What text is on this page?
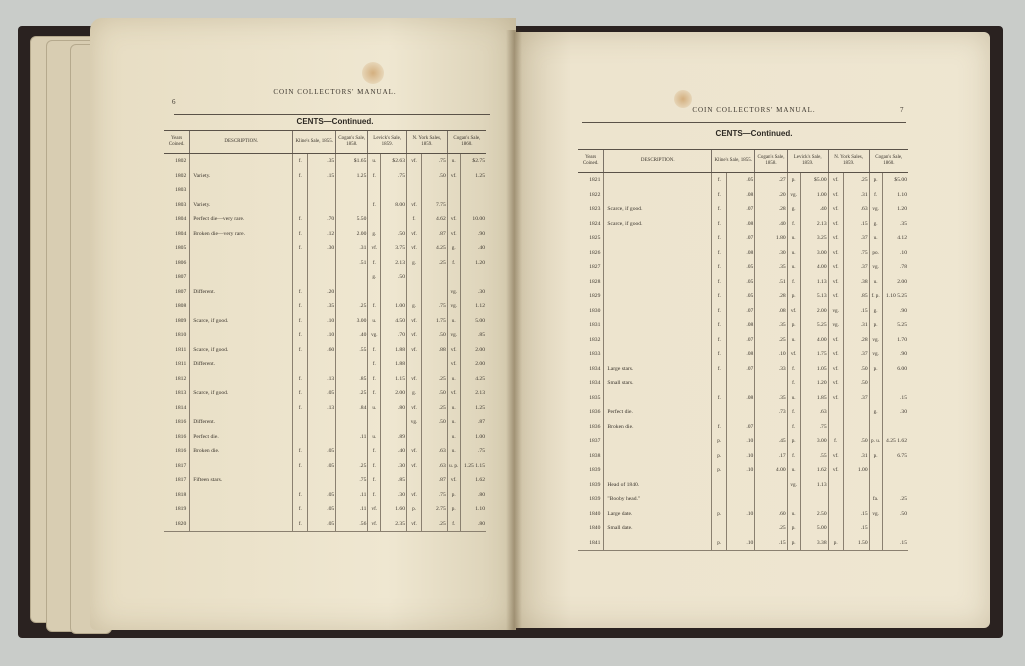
6
COIN COLLECTORS' MANUAL.
CENTS—Continued.
Years Coined.	DESCRIPTION.	Kline's Sale, 1855.		Cogan's Sale, 1858.	Levick's Sale, 1859.		N. York Sales, 1859.		Cogan's Sale, 1860.	
1802		f.	.35	$1.65	u.	$2.63	vf.	.75	u.	$2.75
1802	Variety.	f.	.15	1.25	f.	.75		.50	vf.	1.25
1803										
1803	Variety.				f.	8.00	vf.	7.75		
1804	Perfect die—very rare.	f.	.70	5.50			f.	4.62	vf.	10.00
1804	Broken die—very rare.	f.	.12	2.00	g.	.50	vf.	.87	vf.	.90
1805		f.	.30	.31	vf.	3.75	vf.	4.25	g.	.40
1806				.51	f.	2.13	g.	.25	f.	1.20
1807					g.	.50				
1807	Different.	f.	.20						vg.	.30
1808		f.	.35	.25	f.	1.00	g.	.75	vg.	1.12
1809	Scarce, if good.	f.	.10	3.00	u.	4.50	vf.	1.75	u.	5.00
1810		f.	.10	.40	vg.	.70	vf.	.50	vg.	.85
1811	Scarce, if good.	f.	.60	.55	f.	1.88	vf.	.88	vf.	2.00
1811	Different.				f.	1.88			vf.	2.00
1812		f.	.13	.85	f.	1.15	vf.	.25	u.	4.25
1813	Scarce, if good.	f.	.05	.25	f.	2.00	g.	.50	vf.	2.13
1814		f.	.13	.84	u.	.80	vf.	.25	u.	1.25
1816	Different.						vg.	.50	u.	.87
1816	Perfect die.			.11	u.	.89			u.	1.00
1816	Broken die.	f.	.05		f.	.40	vf.	.63	u.	.75
1817		f.	.05	.25	f.	.30	vf.	.63	u. p.	1.25 1.15
1817	Fifteen stars.			.75	f.	.85		.87	vf.	1.62
1818		f.	.05	.11	f.	.30	vf.	.75	p.	.80
1819		f.	.05	.11	vf.	1.60	p.	2.75	p.	1.10
1820		f.	.05	.56	vf.	2.35	vf.	.25	f.	.80
COIN COLLECTORS' MANUAL.	7
CENTS—Continued.
Years Coined.	DESCRIPTION.	Kline's Sale, 1855.		Cogan's Sale, 1858.	Levick's Sale, 1859.		N. York Sales, 1859.		Cogan's Sale, 1860.	
1821		f.	.05	.27	p.	$5.00	vf.	.25	p.	$5.00
1822		f.	.08	.20	vg.	1.00	vf.	.31	f.	1.10
1823	Scarce, if good.	f.	.07	.28	g.	.40	vf.	.63	vg.	1.20
1824	Scarce, if good.	f.	.08	.40	f.	2.13	vf.	.15	g.	.35
1825		f.	.07	1.80	u.	3.25	vf.	.37	u.	4.12
1826		f.	.08	.30	u.	3.00	vf.	.75	po.	.10
1827		f.	.05	.35	u.	4.00	vf.	.37	vg.	.78
1828		f.	.05	.51	f.	1.13	vf.	.38	u.	2.00
1829		f.	.05	.28	p.	5.13	vf.	.85	f. p.	1.10 5.25
1830		f.	.07	.08	vf.	2.00	vg.	.15	g.	.90
1831		f.	.08	.35	p.	5.25	vg.	.31	p.	5.25
1832		f.	.07	.25	u.	4.00	vf.	.28	vg.	1.70
1833		f.	.08	.10	vf.	1.75	vf.	.37	vg.	.90
1834	Large stars.	f.	.07	.33	f.	1.05	vf.	.50	p.	6.00
1834	Small stars.				f.	1.20	vf.	.50		
1835		f.	.08	.35	u.	1.85	vf.	.37		.15
1836	Perfect die.			.73	f.	.63			g.	.30
1836	Broken die.	f.	.07		f.	.75				
1837		p.	.10	.45	p.	3.00	f.	.50	p. u.	4.25 1.62
1838		p.	.10	.17	f.	.55	vf.	.31	p.	6.75
1839		p.	.10	4.00	u.	1.62	vf.	1.00		
1839	Head of 1840.				vg.	1.13				
1839	"Booby head."								fa.	.25
1840	Large date.	p.	.10	.60	u.	2.50		.15	vg.	.50
1840	Small date.			.25	p.	5.00		.15		
1841		p.	.10	.15	p.	3.38	p.	1.50		.15
